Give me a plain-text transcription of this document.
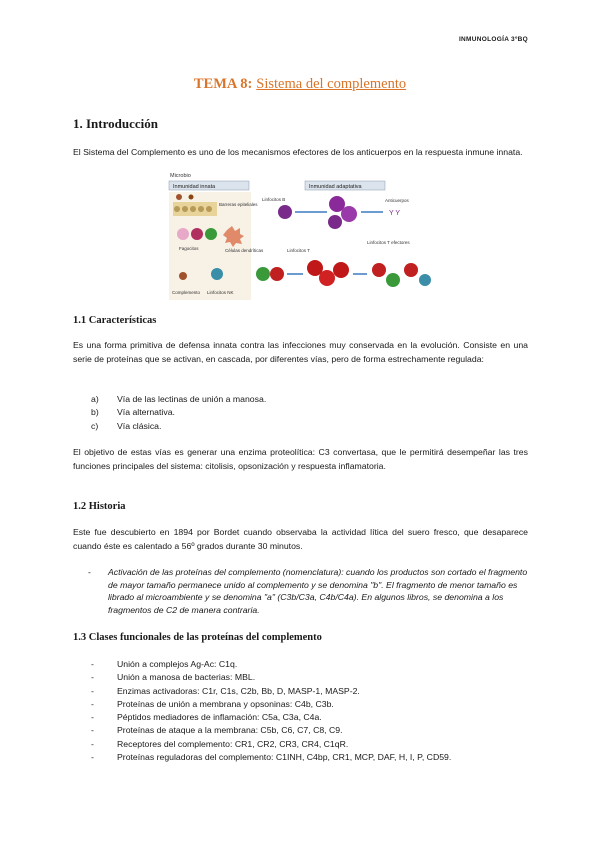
INMUNOLOGÍA 3ºBQ
TEMA 8: Sistema del complemento
1. Introducción
El Sistema del Complemento es uno de los mecanismos efectores de los anticuerpos en la respuesta inmune innata.
Microbio
Inmunidad innata	Inmunidad adaptativa
Barreras epiteliales
Fagocitos	Células dendríticas
Complemento Linfocitos NK
Linfocitos B	Anticuerpos
Y Y
Linfocitos T efectores
Linfocitos T
1.1 Características
Es una forma primitiva de defensa innata contra las infecciones muy conservada en la evolución. Consiste en una serie de proteínas que se activan, en cascada, por diferentes vías, pero de forma estrechamente regulada:
a) Vía de las lectinas de unión a manosa.
b) Vía alternativa.
c) Vía clásica.
El objetivo de estas vías es generar una enzima proteolítica: C3 convertasa, que le permitirá desempeñar las tres funciones principales del sistema: citolisis, opsonización y respuesta inflamatoria.
1.2 Historia
Este fue descubierto en 1894 por Bordet cuando observaba la actividad lítica del suero fresco, que desaparece cuando éste es calentado a 56º grados durante 30 minutos.
-	Activación de las proteínas del complemento (nomenclatura): cuando los productos son cortado el fragmento de mayor tamaño permanece unido al complemento y se denomina "b". El fragmento de menor tamaño es librado al microambiente y se denomina "a" (C3b/C3a, C4b/C4a). En algunos libros, se denomina a los fragmentos de C2 de manera contraria.
1.3 Clases funcionales de las proteínas del complemento
-	Unión a complejos Ag-Ac: C1q.
-	Unión a manosa de bacterias: MBL.
-	Enzimas activadoras: C1r, C1s, C2b, Bb, D, MASP-1, MASP-2.
-	Proteínas de unión a membrana y opsoninas: C4b, C3b.
-	Péptidos mediadores de inflamación: C5a, C3a, C4a.
-	Proteínas de ataque a la membrana: C5b, C6, C7, C8, C9.
-	Receptores del complemento: CR1, CR2, CR3, CR4, C1qR.
-	Proteínas reguladoras del complemento: C1INH, C4bp, CR1, MCP, DAF, H, I, P, CD59.
